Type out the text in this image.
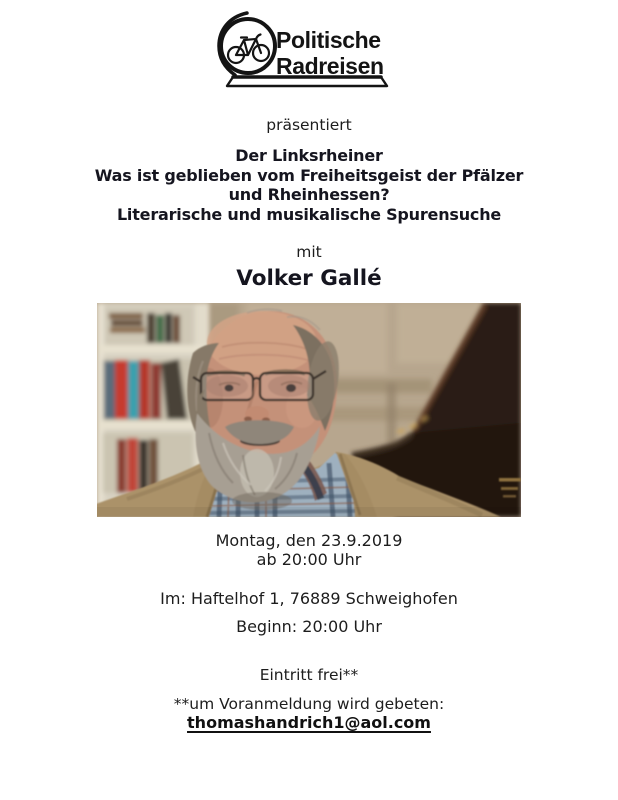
Politische
Radreisen
präsentiert
Der Linksrheiner
Was ist geblieben vom Freiheitsgeist der Pfälzer
und Rheinhessen?
Literarische und musikalische Spurensuche
mit
Volker Gallé
Montag, den 23.9.2019
ab 20:00 Uhr
Im: Haftelhof 1, 76889 Schweighofen
Beginn: 20:00 Uhr
Eintritt frei**
**um Voranmeldung wird gebeten:
thomashandrich1@aol.com
